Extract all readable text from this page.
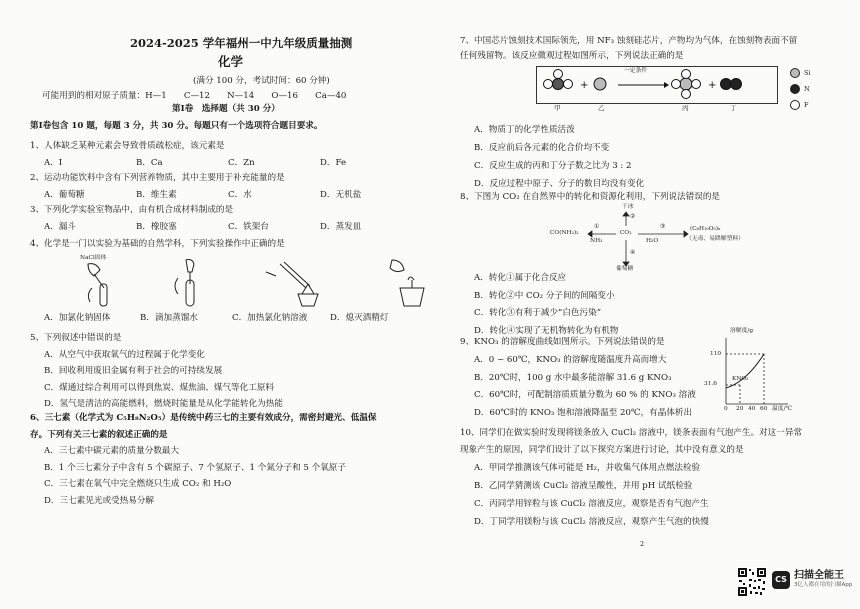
2024-2025 学年福州一中九年级质量抽测
化学
(满分 100 分，考试时间：60 分钟)
可能用到的相对原子质量：H—1　　C—12　　N—14　　O—16　　Ca—40
第Ⅰ卷　选择题（共 30 分）
第Ⅰ卷包含 10 题，每题 3 分，共 30 分。每题只有一个选项符合题目要求。
1、人体缺乏某种元素会导致骨质疏松症，该元素是
A．I	B．Ca	C．Zn	D．Fe
2、运动功能饮料中含有下列营养物质，其中主要用于补充能量的是
A．葡萄糖	B．维生素	C．水	D．无机盐
3、下列化学实验室物品中，由有机合成材料制成的是
A．漏斗	B．橡胶塞	C．铁架台	D．蒸发皿
4、化学是一门以实验为基础的自然学科，下列实验操作中正确的是
NaCl固体
A．加氯化钠固体	B．滴加蒸馏水	C．加热氯化钠溶液	D．熄灭酒精灯
5、下列叙述中错误的是
A．从空气中获取氧气的过程属于化学变化
B．回收利用废旧金属有利于社会的可持续发展
C．煤通过综合利用可以得到焦炭、煤焦油、煤气等化工原料
D．氢气是清洁的高能燃料，燃烧时能量是从化学能转化为热能
6、三七素（化学式为 C₅H₈N₂O₅）是传统中药三七的主要有效成分，需密封避光、低温保
存。下列有关三七素的叙述正确的是
A．三七素中碳元素的质量分数最大
B．1 个三七素分子中含有 5 个碳原子、7 个氢原子、1 个氮分子和 5 个氧原子
C．三七素在氧气中完全燃烧只生成 CO₂ 和 H₂O
D．三七素见光或受热易分解
7、中国芯片蚀刻技术国际领先，用 NF₃ 蚀刻硅芯片，产物均为气体，在蚀刻物表面不留
任何残留物。该反应微观过程如图所示，下列说法正确的是
+	+
一定条件
甲	乙	丙	丁
Si
N
F
A．物质丁的化学性质活泼
B．反应前后各元素的化合价均不变
C．反应生成的丙和丁分子数之比为 3 : 2
D．反应过程中原子、分子的数目均没有变化
8、下图为 CO₂ 在自然界中的转化和资源化利用，下列说法错误的是
干冰
CO(NH₂)₂	CO₂
(C₆H₁₀O₅)ₙ
（无毒、易降解塑料）
葡萄糖
NH₃	H₂O
①
②
③
④
A．转化①属于化合反应
B．转化②中 CO₂ 分子间的间隔变小
C．转化③有利于减少“白色污染”
D．转化④实现了无机物转化为有机物
9、KNO₃ 的溶解度曲线如图所示。下列说法错误的是
A．0 ~ 60℃，KNO₃ 的溶解度随温度升高而增大
B．20℃时，100 g 水中最多能溶解 31.6 g KNO₃
C．60℃时，可配制溶质质量分数为 60 % 的 KNO₃ 溶液
D．60℃时的 KNO₃ 饱和溶液降温至 20℃，有晶体析出
溶解度/g
110
31.6
KNO₃
0 20 40 60 温度/℃
10、同学们在做实验时发现将镁条放入 CuCl₂ 溶液中，镁条表面有气泡产生。对这一异常
现象产生的原因，同学们设计了以下探究方案进行讨论，其中没有意义的是
A．甲同学推测该气体可能是 H₂，并收集气体用点燃法检验
B．乙同学猜测该 CuCl₂ 溶液呈酸性，并用 pH 试纸检验
C．丙同学用锌粒与该 CuCl₂ 溶液反应，观察是否有气泡产生
D．丁同学用镁粉与该 CuCl₂ 溶液反应，观察产生气泡的快慢
2
CS 扫描全能王
3亿人都在用的扫描App
